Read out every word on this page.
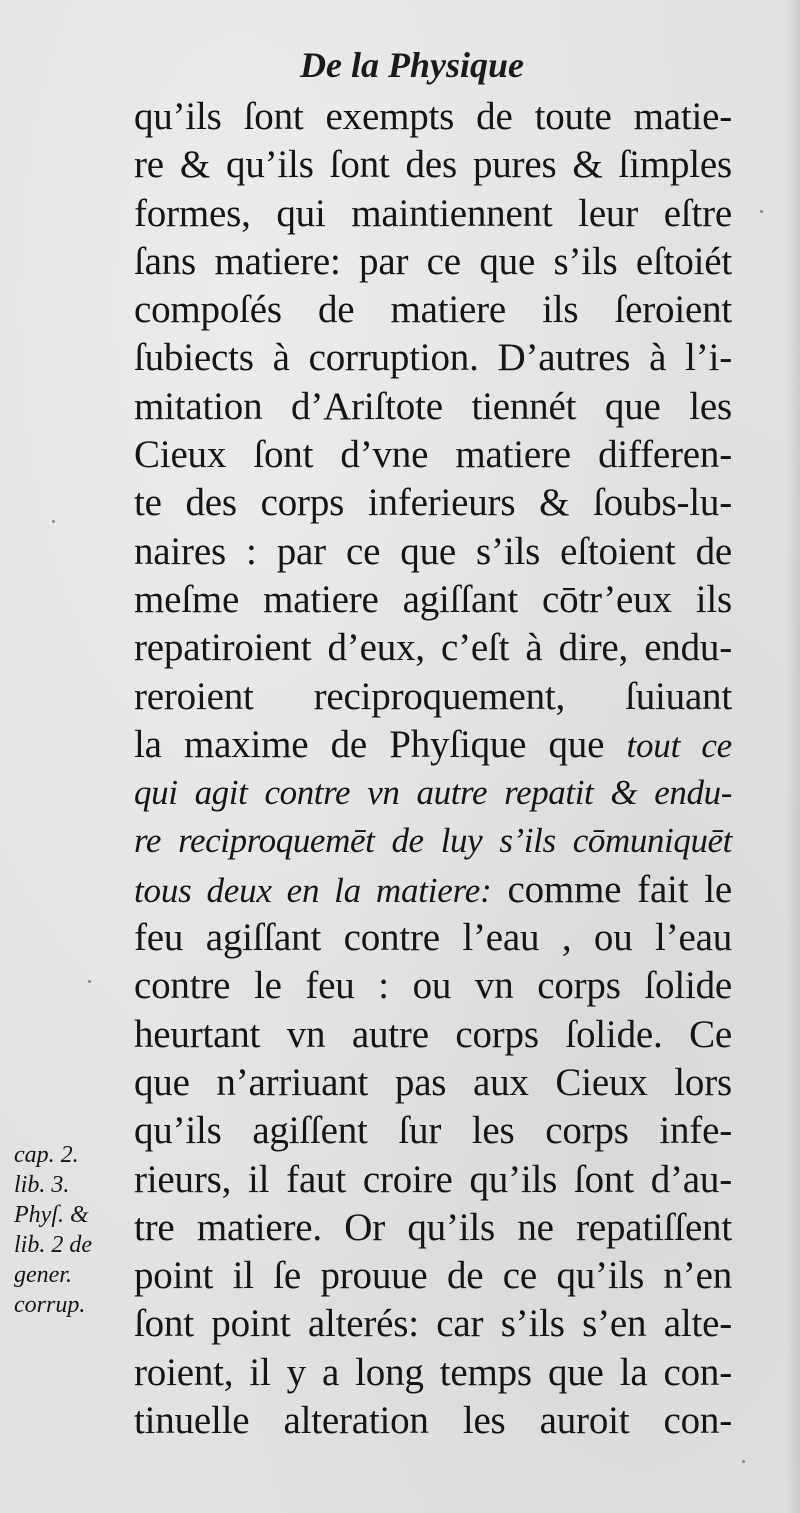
De la Physique
qu’ils ſont exempts de toute matie-
re & qu’ils ſont des pures & ſimples
formes, qui maintiennent leur eſtre
ſans matiere: par ce que s’ils eſtoiét
compoſés de matiere ils ſeroient
ſubiects à corruption. D’autres à l’i-
mitation d’Ariſtote tiennét que les
Cieux ſont d’vne matiere differen-
te des corps inferieurs & ſoubs-lu-
naires : par ce que s’ils eſtoient de
meſme matiere agiſſant cōtr’eux ils
repatiroient d’eux, c’eſt à dire, endu-
reroient reciproquement, ſuiuant
la maxime de Phyſique que tout ce
qui agit contre vn autre repatit & endu-
re reciproquemēt de luy s’ils cōmuniquēt
tous deux en la matiere: comme fait le
feu agiſſant contre l’eau , ou l’eau
contre le feu : ou vn corps ſolide
heurtant vn autre corps ſolide. Ce
que n’arriuant pas aux Cieux lors
qu’ils agiſſent ſur les corps infe-
rieurs, il faut croire qu’ils ſont d’au-
tre matiere. Or qu’ils ne repatiſſent
point il ſe prouue de ce qu’ils n’en
ſont point alterés: car s’ils s’en alte-
roient, il y a long temps que la con-
tinuelle alteration les auroit con-
cap. 2.
lib. 3.
Phyſ. &
lib. 2 de
gener.
corrup.
